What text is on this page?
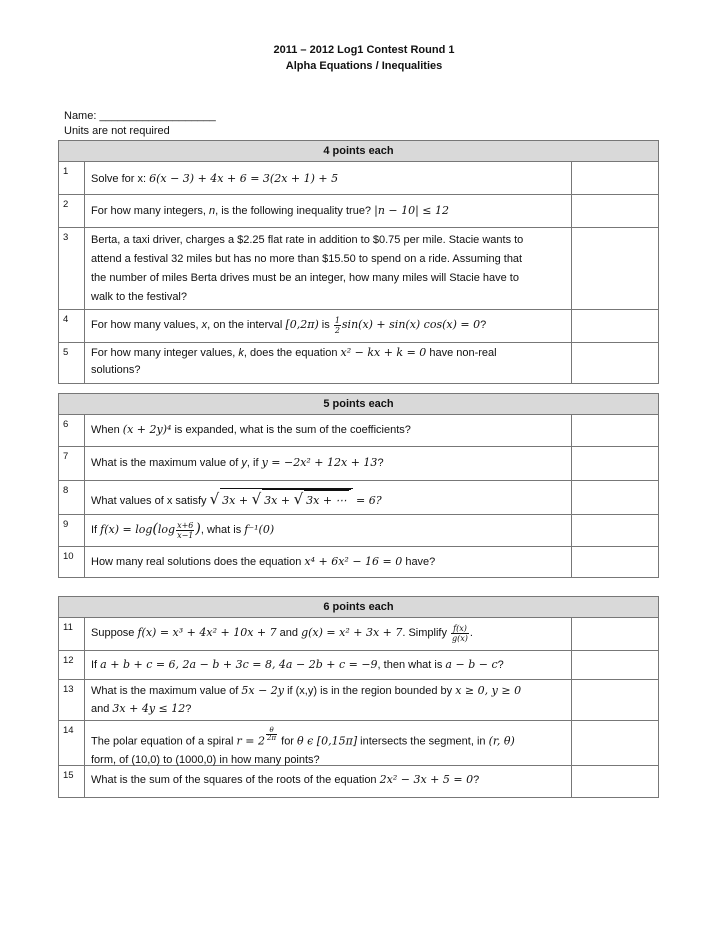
2011 – 2012 Log1 Contest Round 1
Alpha Equations / Inequalities
Name: ___________________
Units are not required
4 points each
1
Solve for x: 6(x − 3) + 4x + 6 = 3(2x + 1) + 5
2
For how many integers, n, is the following inequality true? |n − 10| ≤ 12
3	Berta, a taxi driver, charges a $2.25 flat rate in addition to $0.75 per mile. Stacie wants to
attend a festival 32 miles but has no more than $15.50 to spend on a ride. Assuming that
the number of miles Berta drives must be an integer, how many miles will Stacie have to
walk to the festival?
4	For how many values, x, on the interval [0,2π) is $\frac{1}{2} \sin(x) + \sin(x) \cos(x) = 0$?
5	For how many integer values, k, does the equation x² − kx + k = 0 have non-real
solutions?
5 points each
6	When (x + 2y)⁴ is expanded, what is the sum of the coefficients?
7
What is the maximum value of y, if y = −2x² + 12x + 13?
8
What values of x satisfy √ 3x + √ 3x + √ 3x + ⋯ = 6?
9	If $f(x) = \log(\log \frac{x+6}{x-1}$ ), what is f⁻¹(0)
10	How many real solutions does the equation x⁴ + 6x² − 16 = 0 have?
6 points each
11	Suppose f(x) = x³ + 4x² + 10x + 7 and g(x) = x² + 3x + 7. Simplify $\frac{f(x)}{g(x)}$ .
12	If a + b + c = 6, 2a − b + 3c = 8, 4a − 2b + c = −9, then what is a − b − c?
13	What is the maximum value of 5x − 2y if (x,y) is in the region bounded by x ≥ 0, y ≥ 0
and 3x + 4y ≤ 12?
14
The polar equation of a spiral $r = 2 \frac{\theta}{2\pi}$ for θ ϵ [0,15π] intersects the segment, in (r, θ)
form, of (10,0) to (1000,0) in how many points?
15	What is the sum of the squares of the roots of the equation 2x² − 3x + 5 = 0?
